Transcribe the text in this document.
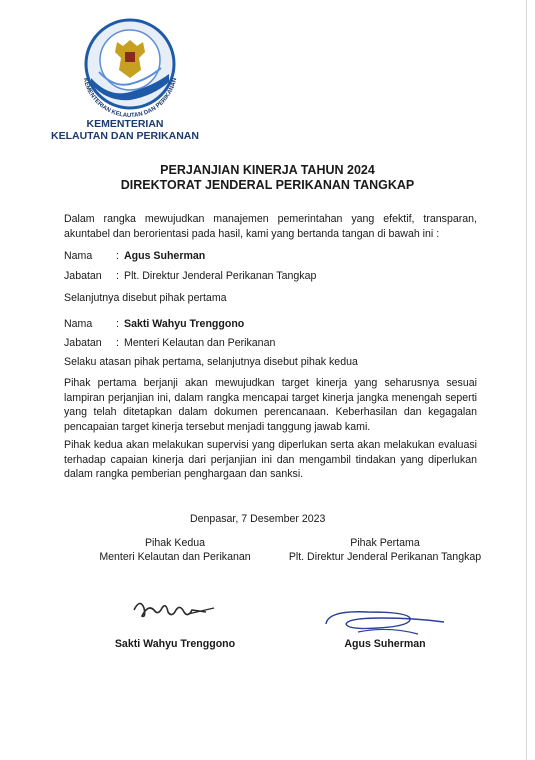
KEMENTERIAN KELAUTAN DAN PERIKANAN
KEMENTERIAN
KELAUTAN DAN PERIKANAN
PERJANJIAN KINERJA TAHUN 2024
DIREKTORAT JENDERAL PERIKANAN TANGKAP
Dalam rangka mewujudkan manajemen pemerintahan yang efektif, transparan, akuntabel dan berorientasi pada hasil, kami yang bertanda tangan di bawah ini :
Nama : Agus Suherman
Jabatan : Plt. Direktur Jenderal Perikanan Tangkap
Selanjutnya disebut pihak pertama
Nama : Sakti Wahyu Trenggono
Jabatan : Menteri Kelautan dan Perikanan
Selaku atasan pihak pertama, selanjutnya disebut pihak kedua
Pihak pertama berjanji akan mewujudkan target kinerja yang seharusnya sesuai lampiran perjanjian ini, dalam rangka mencapai target kinerja jangka menengah seperti yang telah ditetapkan dalam dokumen perencanaan. Keberhasilan dan kegagalan pencapaian target kinerja tersebut menjadi tanggung jawab kami.
Pihak kedua akan melakukan supervisi yang diperlukan serta akan melakukan evaluasi terhadap capaian kinerja dari perjanjian ini dan mengambil tindakan yang diperlukan dalam rangka pemberian penghargaan dan sanksi.
Denpasar, 7 Desember 2023
Pihak Kedua
Menteri Kelautan dan Perikanan
Pihak Pertama
Plt. Direktur Jenderal Perikanan Tangkap
Sakti Wahyu Trenggono	Agus Suherman
